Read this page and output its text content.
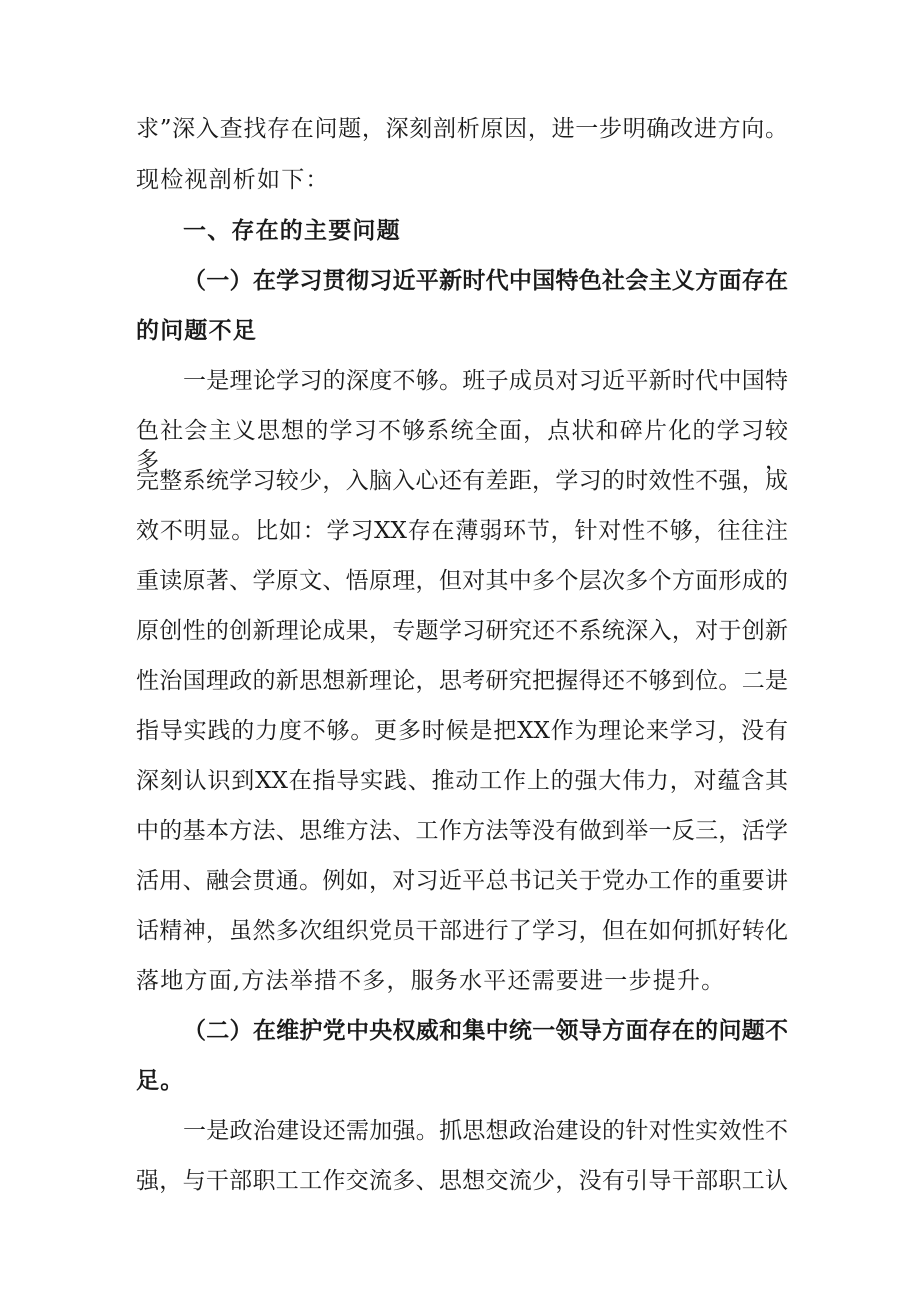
求”深入查找存在问题，深刻剖析原因，进一步明确改进方向。
现检视剖析如下：
一、存在的主要问题
（一）在学习贯彻习近平新时代中国特色社会主义方面存在
的问题不足
一是理论学习的深度不够。班子成员对习近平新时代中国特
色社会主义思想的学习不够系统全面，点状和碎片化的学习较多，
完整系统学习较少，入脑入心还有差距，学习的时效性不强，成
效不明显。比如：学习XX存在薄弱环节，针对性不够，往往注
重读原著、学原文、悟原理，但对其中多个层次多个方面形成的
原创性的创新理论成果，专题学习研究还不系统深入，对于创新
性治国理政的新思想新理论，思考研究把握得还不够到位。二是
指导实践的力度不够。更多时候是把XX作为理论来学习，没有
深刻认识到XX在指导实践、推动工作上的强大伟力，对蕴含其
中的基本方法、思维方法、工作方法等没有做到举一反三，活学
活用、融会贯通。例如，对习近平总书记关于党办工作的重要讲
话精神，虽然多次组织党员干部进行了学习，但在如何抓好转化
落地方面,方法举措不多，服务水平还需要进一步提升。
（二）在维护党中央权威和集中统一领导方面存在的问题不
足。
一是政治建设还需加强。抓思想政治建设的针对性实效性不
强，与干部职工工作交流多、思想交流少，没有引导干部职工认
